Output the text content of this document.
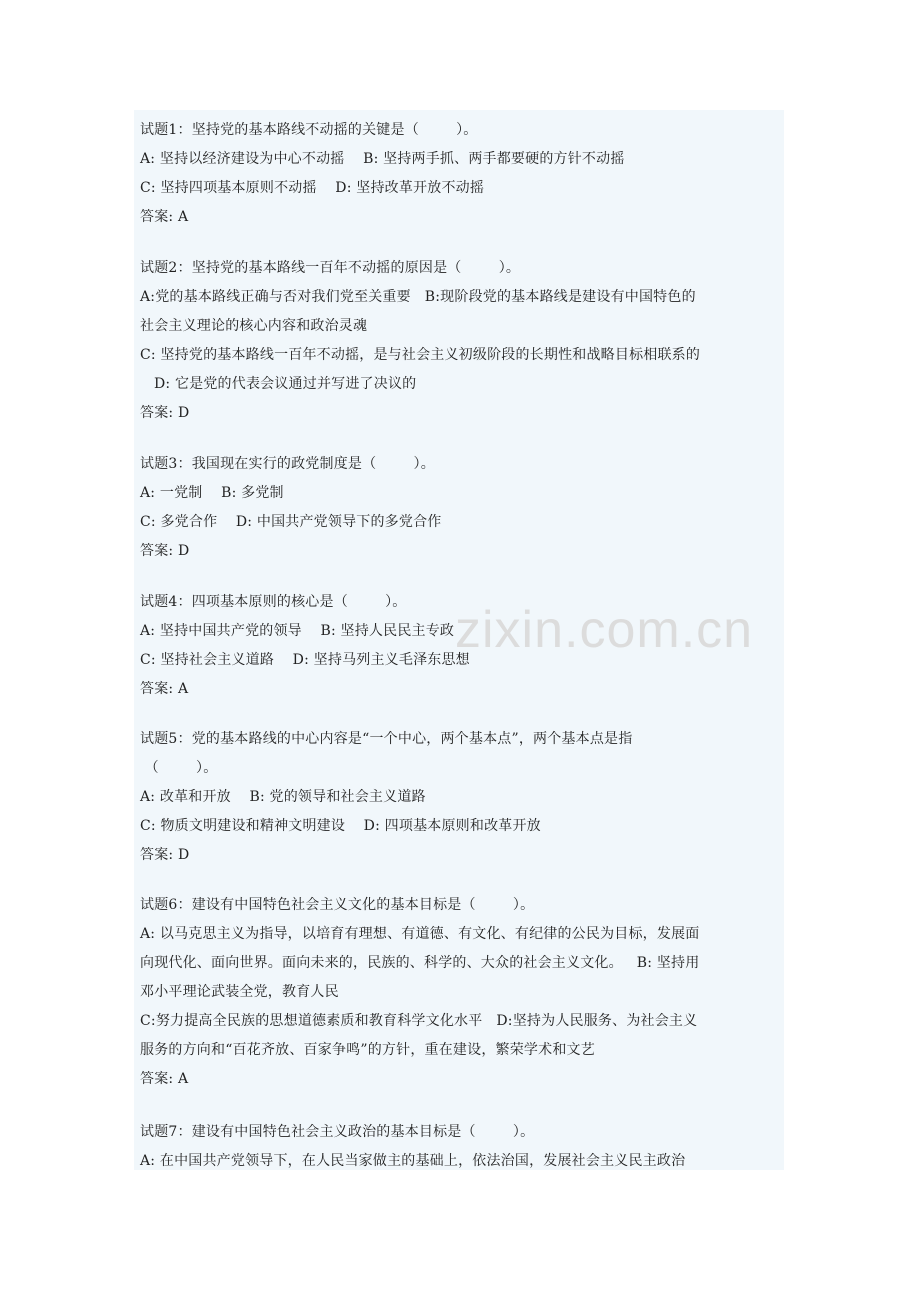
zixin.com.cn
试题1：坚持党的基本路线不动摇的关键是（        ）。
A: 坚持以经济建设为中心不动摇    B: 坚持两手抓、两手都要硬的方针不动摇
C: 坚持四项基本原则不动摇    D: 坚持改革开放不动摇
答案: A
试题2：坚持党的基本路线一百年不动摇的原因是（        ）。
A:党的基本路线正确与否对我们党至关重要   B:现阶段党的基本路线是建设有中国特色的
社会主义理论的核心内容和政治灵魂
C: 坚持党的基本路线一百年不动摇，是与社会主义初级阶段的长期性和战略目标相联系的
D: 它是党的代表会议通过并写进了决议的
答案: D
试题3：我国现在实行的政党制度是（        ）。
A: 一党制    B: 多党制
C: 多党合作    D: 中国共产党领导下的多党合作
答案: D
试题4：四项基本原则的核心是（        ）。
A: 坚持中国共产党的领导    B: 坚持人民民主专政
C: 坚持社会主义道路    D: 坚持马列主义毛泽东思想
答案: A
试题5：党的基本路线的中心内容是“一个中心，两个基本点”，两个基本点是指
（        ）。
A: 改革和开放    B: 党的领导和社会主义道路
C: 物质文明建设和精神文明建设    D: 四项基本原则和改革开放
答案: D
试题6：建设有中国特色社会主义文化的基本目标是（        ）。
A: 以马克思主义为指导，以培育有理想、有道德、有文化、有纪律的公民为目标，发展面
向现代化、面向世界。面向未来的，民族的、科学的、大众的社会主义文化。   B: 坚持用
邓小平理论武装全党，教育人民
C:努力提高全民族的思想道德素质和教育科学文化水平   D:坚持为人民服务、为社会主义
服务的方向和“百花齐放、百家争鸣”的方针，重在建设，繁荣学术和文艺
答案: A
试题7：建设有中国特色社会主义政治的基本目标是（        ）。
A: 在中国共产党领导下，在人民当家做主的基础上，依法治国，发展社会主义民主政治
